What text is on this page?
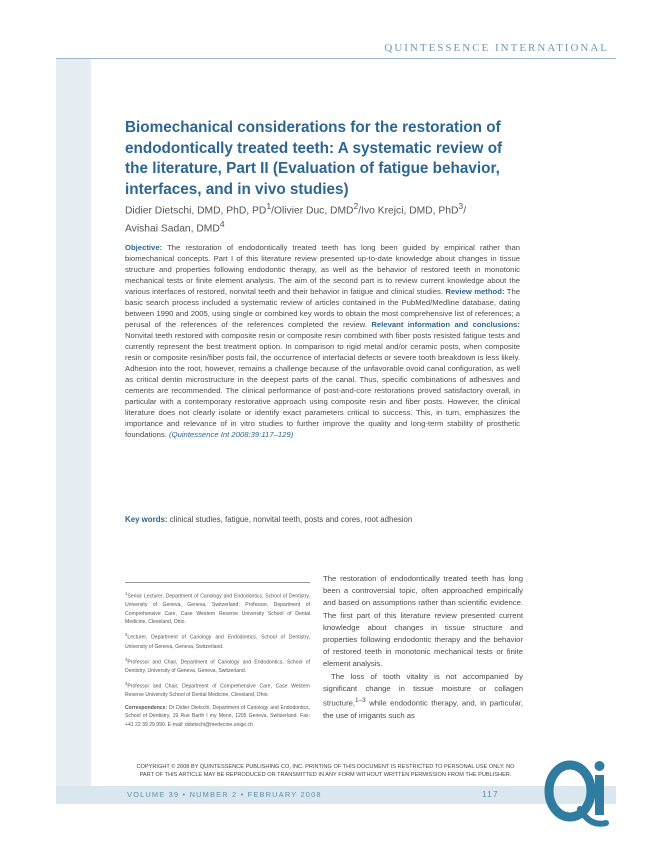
QUINTESSENCE INTERNATIONAL
Biomechanical considerations for the restoration of endodontically treated teeth: A systematic review of the literature, Part II (Evaluation of fatigue behavior, interfaces, and in vivo studies)
Didier Dietschi, DMD, PhD, $PD^1$/Olivier Duc, DMD$^2$/Ivo Krejci, DMD, PhD$^3$/
Avishai Sadan, DMD$^4$

Objective: The restoration of endodontically treated teeth has long been guided by empirical rather than biomechanical concepts. Part I of this literature review presented up-to-date knowledge about changes in tissue structure and properties following endodontic therapy, as well as the behavior of restored teeth in monotonic mechanical tests or finite element analysis. The aim of the second part is to review current knowledge about the various interfaces of restored, nonvital teeth and their behavior in fatigue and clinical studies. Review method: The basic search process included a systematic review of articles contained in the PubMed/Medline database, dating between 1990 and 2005, using single or combined key words to obtain the most comprehensive list of references; a perusal of the references of the references completed the review. Relevant information and conclusions: Nonvital teeth restored with composite resin or composite resin combined with fiber posts resisted fatigue tests and currently represent the best treatment option. In comparison to rigid metal and/or ceramic posts, when composite resin or composite resin/fiber posts fail, the occurrence of interfacial defects or severe tooth breakdown is less likely. Adhesion into the root, however, remains a challenge because of the unfavorable ovoid canal configuration, as well as critical dentin microstructure in the deepest parts of the canal. Thus, specific combinations of adhesives and cements are recommended. The clinical performance of post-and-core restorations proved satisfactory overall, in particular with a contemporary restorative approach using composite resin and fiber posts. However, the clinical literature does not clearly isolate or identify exact parameters critical to success. This, in turn, emphasizes the importance and relevance of in vitro studies to further improve the quality and long-term stability of prosthetic foundations. (Quintessence Int 2008;39:117–129)

Key words: clinical studies, fatigue, nonvital teeth, posts and cores, root adhesion

$^1$Senior Lecturer, Department of Cariology and Endodontics, School of Dentistry, University of Geneva, Geneva, Switzerland; Professor, Department of Comprehensive Care, Case Western Reserve University School of Dental Medicine, Cleveland, Ohio.

$^2$Lecturer, Department of Cariology and Endodontics, School of Dentistry, University of Geneva, Geneva, Switzerland.

$^3$Professor and Chair, Department of Cariology and Endodontics, School of Dentistry, University of Geneva, Geneva, Switzerland.

$^4$Professor and Chair, Department of Comprehensive Care, Case Western Reserve University School of Dental Medicine, Cleveland, Ohio.

Correspondence: Dr Didier Dietschi, Department of Cariology and Endodontics, School of Dentistry, 19 Rue Barth l my Menn, 1205 Geneva, Switzerland. Fax: +41 22 39 29 990. E-mail: ddietschi@medecine.unige.ch

The restoration of endodontically treated teeth has long been a controversial topic, often approached empirically and based on assumptions rather than scientific evidence. The first part of this literature review presented current knowledge about changes in tissue structure and properties following endodontic therapy and the behavior of restored teeth in monotonic mechanical tests or finite element analysis.

The loss of tooth vitality is not accompanied by significant change in tissue moisture or collagen structure,$^{1-3}$ while endodontic therapy, and, in particular, the use of irrigants such as

COPYRIGHT © 2008 BY QUINTESSENCE PUBLISHING CO, INC. PRINTING OF THIS DOCUMENT IS RESTRICTED TO PERSONAL USE ONLY. NO
PART OF THIS ARTICLE MAY BE REPRODUCED OR TRANSMITTED IN ANY FORM WITHOUT WRITTEN PERMISSION FROM THE PUBLISHER.
VOLUME 39 • NUMBER 2 • FEBRUARY 2008	117
